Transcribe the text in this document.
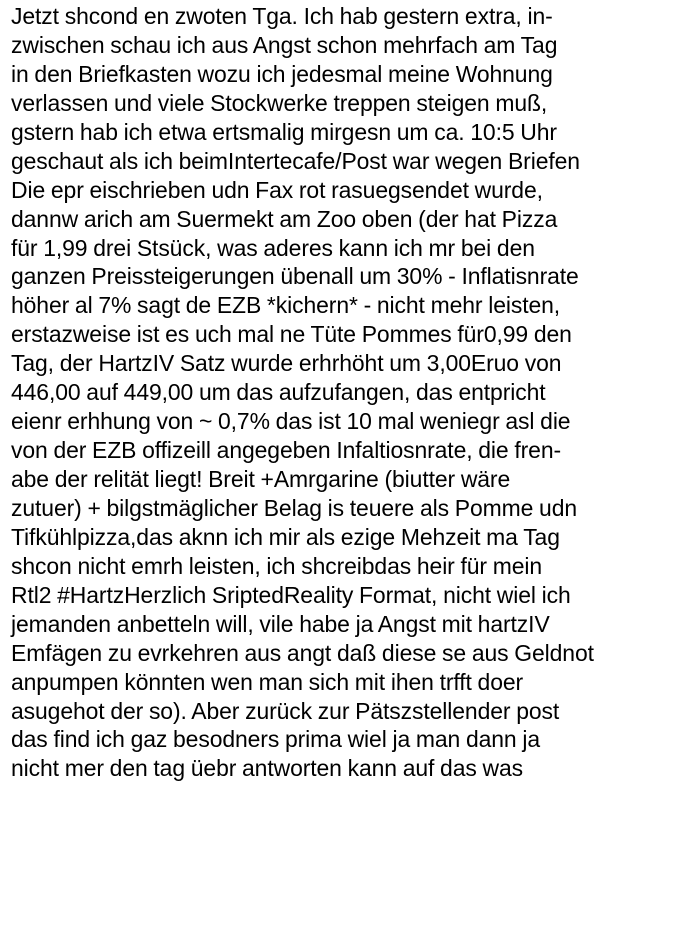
Jetzt shcond en zwoten Tga. Ich hab gestern extra, in-
zwischen schau ich aus Angst schon mehrfach am Tag
in den Briefkasten wozu ich jedesmal meine Wohnung
verlassen und viele Stockwerke treppen steigen muß,
gstern hab ich etwa ertsmalig mirgesn um ca. 10:5 Uhr
geschaut als ich beimIntertecafe/Post war wegen Briefen
Die epr eischrieben udn Fax rot rasuegsendet wurde,
dannw arich am Suermekt am Zoo oben (der hat Pizza
für 1,99 drei Stsück, was aderes kann ich mr bei den
ganzen Preissteigerungen übenall um 30% - Inflatisnrate
höher al 7% sagt de EZB *kichern* - nicht mehr leisten,
erstazweise ist es uch mal ne Tüte Pommes für0,99 den
Tag, der HartzIV Satz wurde erhrhöht um 3,00Eruo von
446,00 auf 449,00 um das aufzufangen, das entpricht
eienr erhhung von ~ 0,7% das ist 10 mal weniegr asl die
von der EZB offizeill angegeben Infaltiosnrate, die fren-
abe der relität liegt! Breit +Amrgarine (biutter wäre
zutuer) + bilgstmäglicher Belag is teuere als Pomme udn
Tifkühlpizza,das aknn ich mir als ezige Mehzeit ma Tag
shcon nicht emrh leisten, ich shcreibdas heir für mein
Rtl2 #HartzHerzlich SriptedReality Format, nicht wiel ich
jemanden anbetteln will, vile habe ja Angst mit hartzIV
Emfägen zu evrkehren aus angt daß diese se aus Geldnot
anpumpen könnten wen man sich mit ihen trfft doer
asugehot der so). Aber zurück zur Pätszstellender post
das find ich gaz besodners prima wiel ja man dann ja
nicht mer den tag üebr antworten kann auf das was
